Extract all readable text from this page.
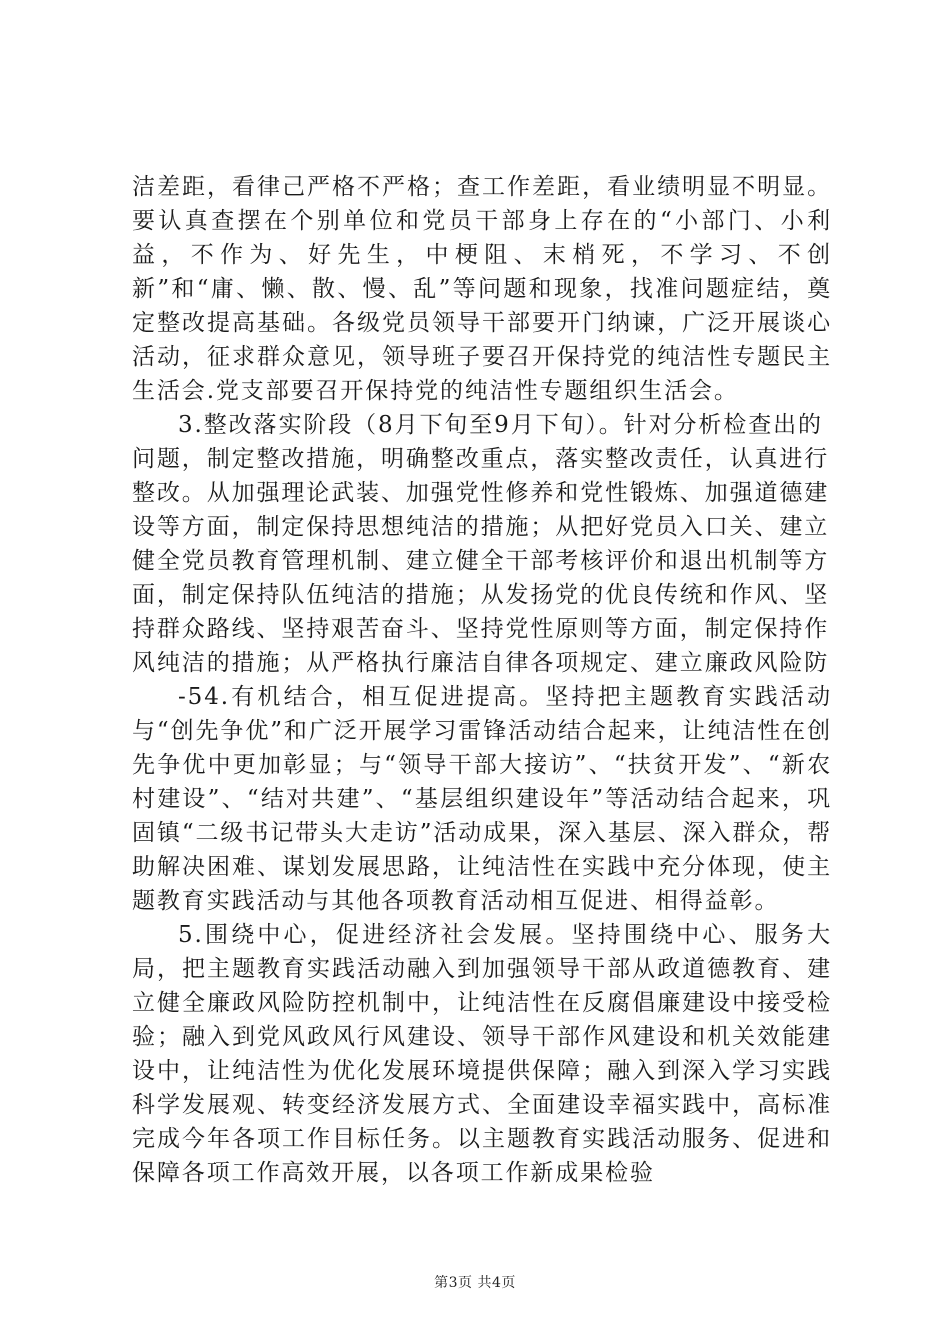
洁差距，看律己严格不严格；查工作差距，看业绩明显不明显。要认真查摆在个别单位和党员干部身上存在的“小部门、小利益，不作为、好先生，中梗阻、末梢死，不学习、不创新”和“庸、懒、散、慢、乱”等问题和现象，找准问题症结，奠定整改提高基础。各级党员领导干部要开门纳谏，广泛开展谈心活动，征求群众意见，领导班子要召开保持党的纯洁性专题民主生活会.党支部要召开保持党的纯洁性专题组织生活会。

3.整改落实阶段（8月下旬至9月下旬）。针对分析检查出的问题，制定整改措施，明确整改重点，落实整改责任，认真进行整改。从加强理论武装、加强党性修养和党性锻炼、加强道德建设等方面，制定保持思想纯洁的措施；从把好党员入口关、建立健全党员教育管理机制、建立健全干部考核评价和退出机制等方面，制定保持队伍纯洁的措施；从发扬党的优良传统和作风、坚持群众路线、坚持艰苦奋斗、坚持党性原则等方面，制定保持作风纯洁的措施；从严格执行廉洁自律各项规定、建立廉政风险防

-54.有机结合，相互促进提高。坚持把主题教育实践活动与“创先争优”和广泛开展学习雷锋活动结合起来，让纯洁性在创先争优中更加彰显；与“领导干部大接访”、“扶贫开发”、“新农村建设”、“结对共建”、“基层组织建设年”等活动结合起来，巩固镇“二级书记带头大走访”活动成果，深入基层、深入群众，帮助解决困难、谋划发展思路，让纯洁性在实践中充分体现，使主题教育实践活动与其他各项教育活动相互促进、相得益彰。

5.围绕中心，促进经济社会发展。坚持围绕中心、服务大局，把主题教育实践活动融入到加强领导干部从政道德教育、建立健全廉政风险防控机制中，让纯洁性在反腐倡廉建设中接受检验；融入到党风政风行风建设、领导干部作风建设和机关效能建设中，让纯洁性为优化发展环境提供保障；融入到深入学习实践科学发展观、转变经济发展方式、全面建设幸福实践中，高标准完成今年各项工作目标任务。以主题教育实践活动服务、促进和保障各项工作高效开展，以各项工作新成果检验

第3页 共4页
